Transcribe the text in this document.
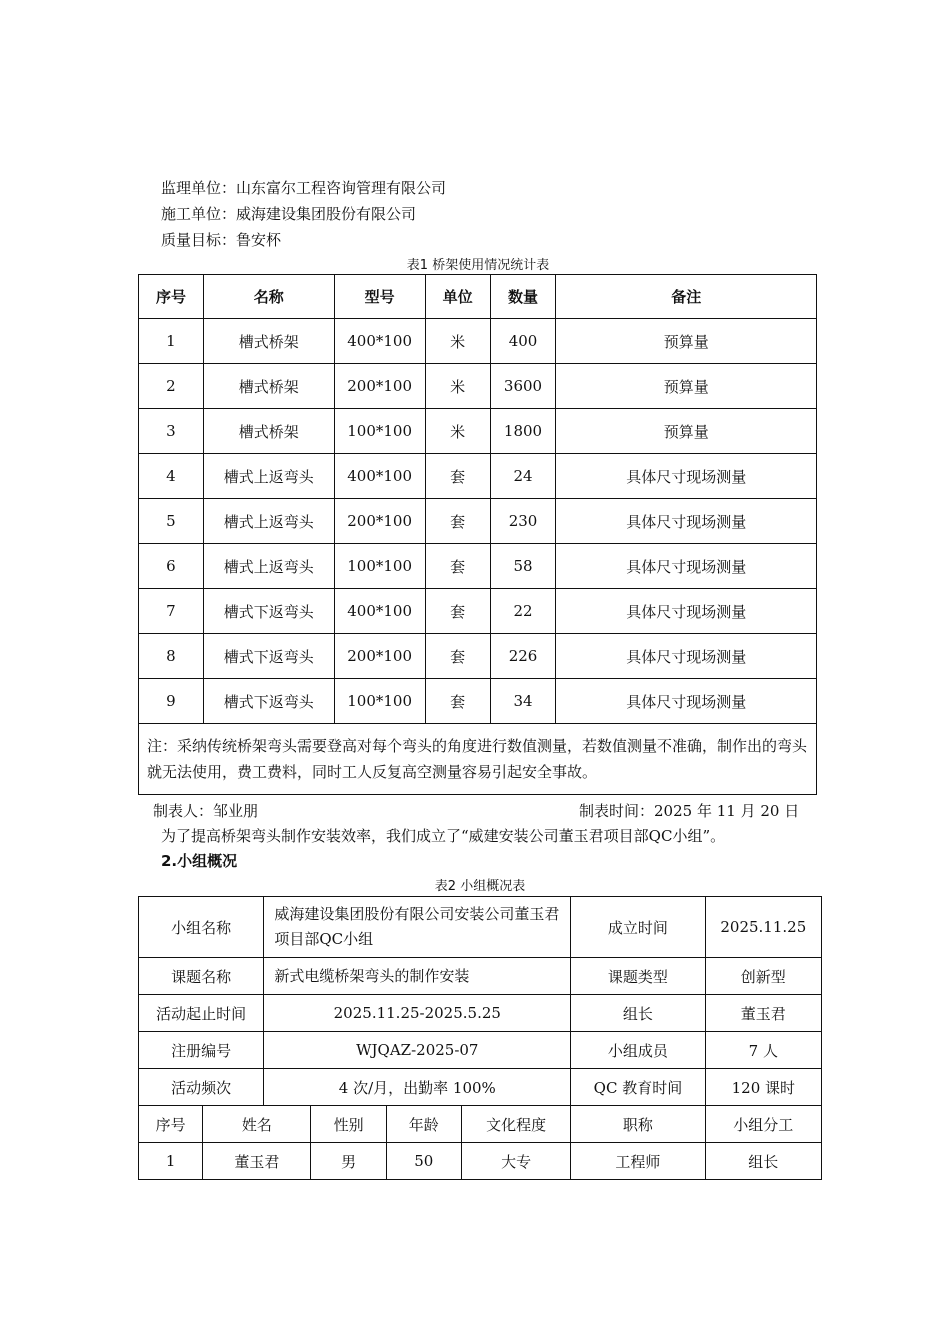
监理单位：山东富尔工程咨询管理有限公司
施工单位：威海建设集团股份有限公司
质量目标：鲁安杯
表1 桥架使用情况统计表
序号	名称	型号	单位	数量	备注
1	槽式桥架	400*100	米	400	预算量
2	槽式桥架	200*100	米	3600	预算量
3	槽式桥架	100*100	米	1800	预算量
4	槽式上返弯头	400*100	套	24	具体尺寸现场测量
5	槽式上返弯头	200*100	套	230	具体尺寸现场测量
6	槽式上返弯头	100*100	套	58	具体尺寸现场测量
7	槽式下返弯头	400*100	套	22	具体尺寸现场测量
8	槽式下返弯头	200*100	套	226	具体尺寸现场测量
9	槽式下返弯头	100*100	套	34	具体尺寸现场测量
注：采纳传统桥架弯头需要登高对每个弯头的角度进行数值测量，若数值测量不准确，制作出的弯头就无法使用，费工费料，同时工人反复高空测量容易引起安全事故。					
制表人：邹业朋	制表时间：2025 年 11 月 20 日
为了提高桥架弯头制作安装效率，我们成立了“威建安装公司董玉君项目部QC小组”。
2.小组概况
表2 小组概况表
小组名称		威海建设集团股份有限公司安装公司董玉君项目部QC小组				成立时间	2025.11.25
课题名称		新式电缆桥架弯头的制作安装				课题类型	创新型
活动起止时间		2025.11.25-2025.5.25				组长	董玉君
注册编号		WJQAZ-2025-07				小组成员	7 人
活动频次		4 次/月，出勤率 100%				QC 教育时间	120 课时
序号	姓名		性别	年龄	文化程度	职称	小组分工
1	董玉君		男	50	大专	工程师	组长
